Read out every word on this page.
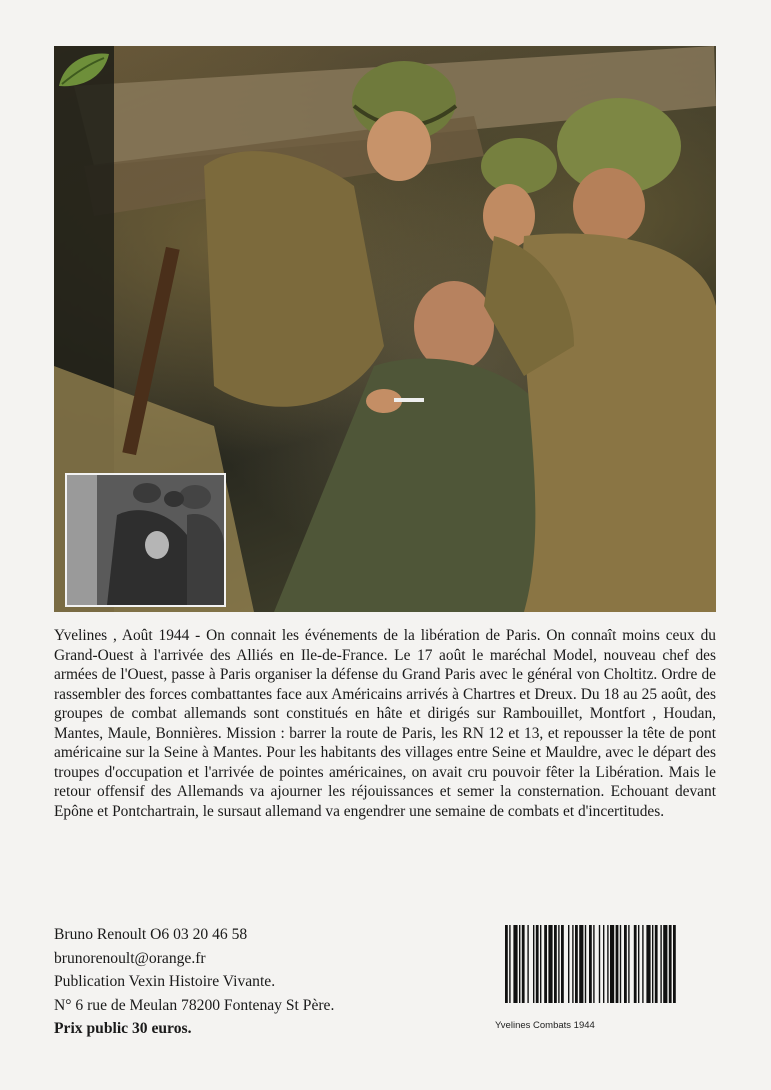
Yvelines , Août 1944 - On connait les événements de la libération de Paris. On connaît moins ceux du Grand-Ouest à l'arrivée des Alliés en Ile-de-France. Le 17 août le maréchal Model, nouveau chef des armées de l'Ouest, passe à Paris organiser la défense du Grand Paris avec le général von Choltitz. Ordre de rassembler des forces combattantes face aux Américains arrivés à Chartres et Dreux. Du 18 au 25 août, des groupes de combat allemands sont constitués en hâte et dirigés sur Rambouillet, Montfort , Houdan, Mantes, Maule, Bonnières. Mission : barrer la route de Paris, les RN 12 et 13, et repousser la tête de pont américaine sur la Seine à Mantes. Pour les habitants des villages entre Seine et Mauldre, avec le départ des troupes d'occupation et l'arrivée de pointes américaines, on avait cru pouvoir fêter la Libération. Mais le retour offensif des Allemands va ajourner les réjouissances et semer la consternation. Echouant devant Epône et Pontchartrain, le sursaut allemand va engendrer une semaine de combats et d'incertitudes.
Bruno Renoult O6 03 20 46 58
brunorenoult@orange.fr
Publication Vexin Histoire Vivante.
N° 6 rue de Meulan 78200 Fontenay St Père.
Prix public 30 euros.	Yvelines Combats 1944
